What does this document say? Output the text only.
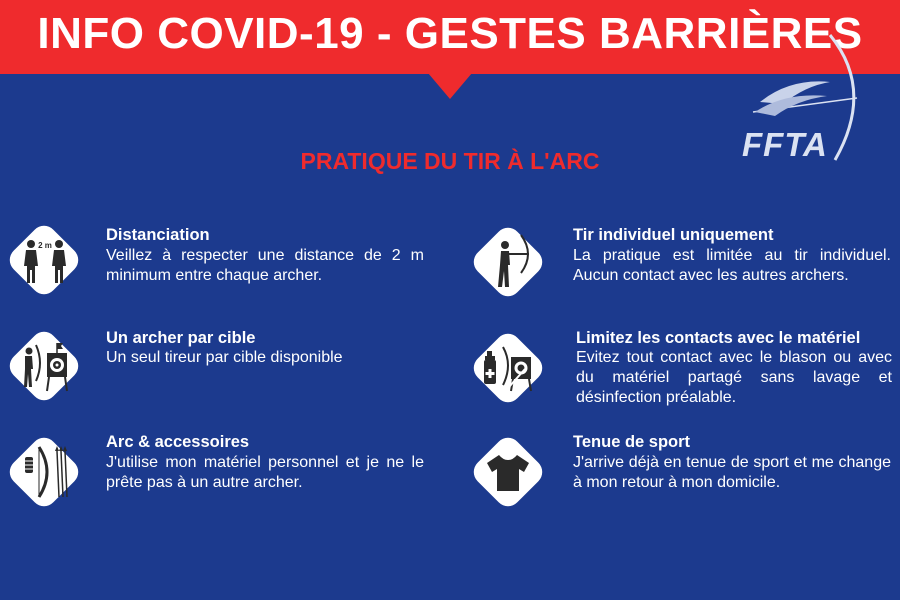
INFO COVID-19 - GESTES BARRIÈRES
FFTA
PRATIQUE DU TIR À L'ARC
2 m
Distanciation
Veillez à respecter une distance de 2 m minimum entre chaque archer.
Tir individuel uniquement
La pratique est limitée au tir individuel. Aucun contact avec les autres archers.
Un archer par cible
Un seul tireur par cible disponible
Limitez les contacts avec le matériel
Evitez tout contact avec le blason ou avec du matériel partagé sans lavage et désinfection préalable.
Arc & accessoires
J'utilise mon matériel personnel et je ne le prête pas à un autre archer.
Tenue de sport
J'arrive déjà en tenue de sport et me change à mon retour à mon domicile.
